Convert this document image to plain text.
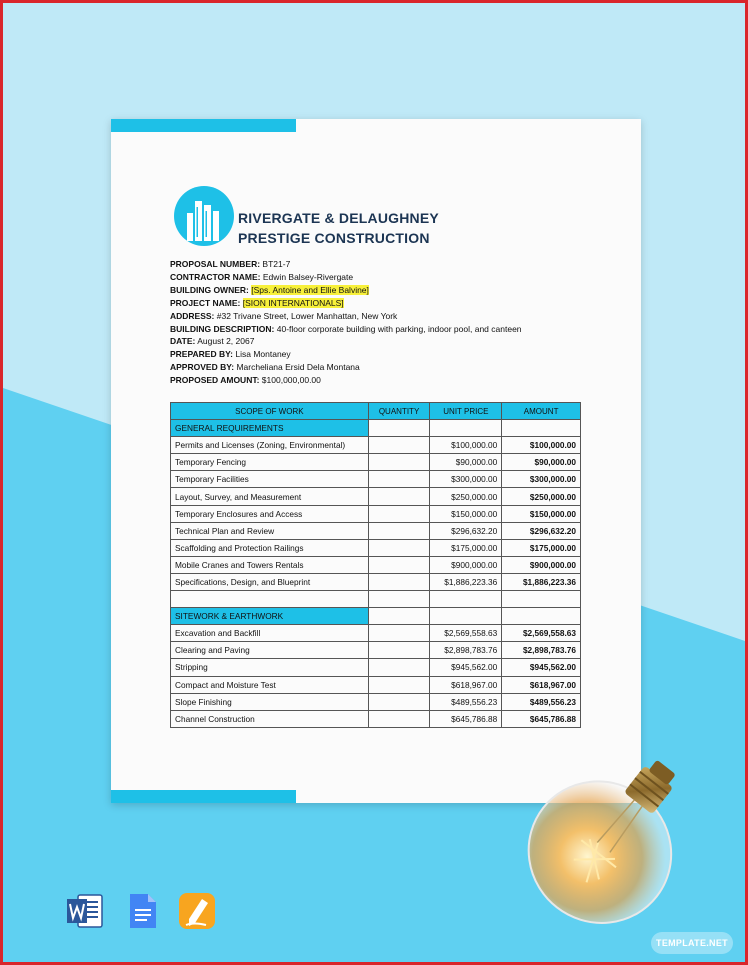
RIVERGATE & DELAUGHNEY
PRESTIGE CONSTRUCTION
PROPOSAL NUMBER: BT21-7
CONTRACTOR NAME: Edwin Balsey-Rivergate
BUILDING OWNER: [Sps. Antoine and Ellie Balvine]
PROJECT NAME: [SION INTERNATIONALS]
ADDRESS: #32 Trivane Street, Lower Manhattan, New York
BUILDING DESCRIPTION: 40-floor corporate building with parking, indoor pool, and canteen
DATE: August 2, 2067
PREPARED BY: Lisa Montaney
APPROVED BY: Marcheliana Ersid Dela Montana
PROPOSED AMOUNT: $100,000,00.00
SCOPE OF WORK	QUANTITY	UNIT PRICE	AMOUNT
GENERAL REQUIREMENTS			
Permits and Licenses (Zoning, Environmental)		$100,000.00	$100,000.00
Temporary Fencing		$90,000.00	$90,000.00
Temporary Facilities		$300,000.00	$300,000.00
Layout, Survey, and Measurement		$250,000.00	$250,000.00
Temporary Enclosures and Access		$150,000.00	$150,000.00
Technical Plan and Review		$296,632.20	$296,632.20
Scaffolding and Protection Railings		$175,000.00	$175,000.00
Mobile Cranes and Towers Rentals		$900,000.00	$900,000.00
Specifications, Design, and Blueprint		$1,886,223.36	$1,886,223.36

SITEWORK & EARTHWORK			
Excavation and Backfill		$2,569,558.63	$2,569,558.63
Clearing and Paving		$2,898,783.76	$2,898,783.76
Stripping		$945,562.00	$945,562.00
Compact and Moisture Test		$618,967.00	$618,967.00
Slope Finishing		$489,556.23	$489,556.23
Channel Construction		$645,786.88	$645,786.88
TEMPLATE.NET
